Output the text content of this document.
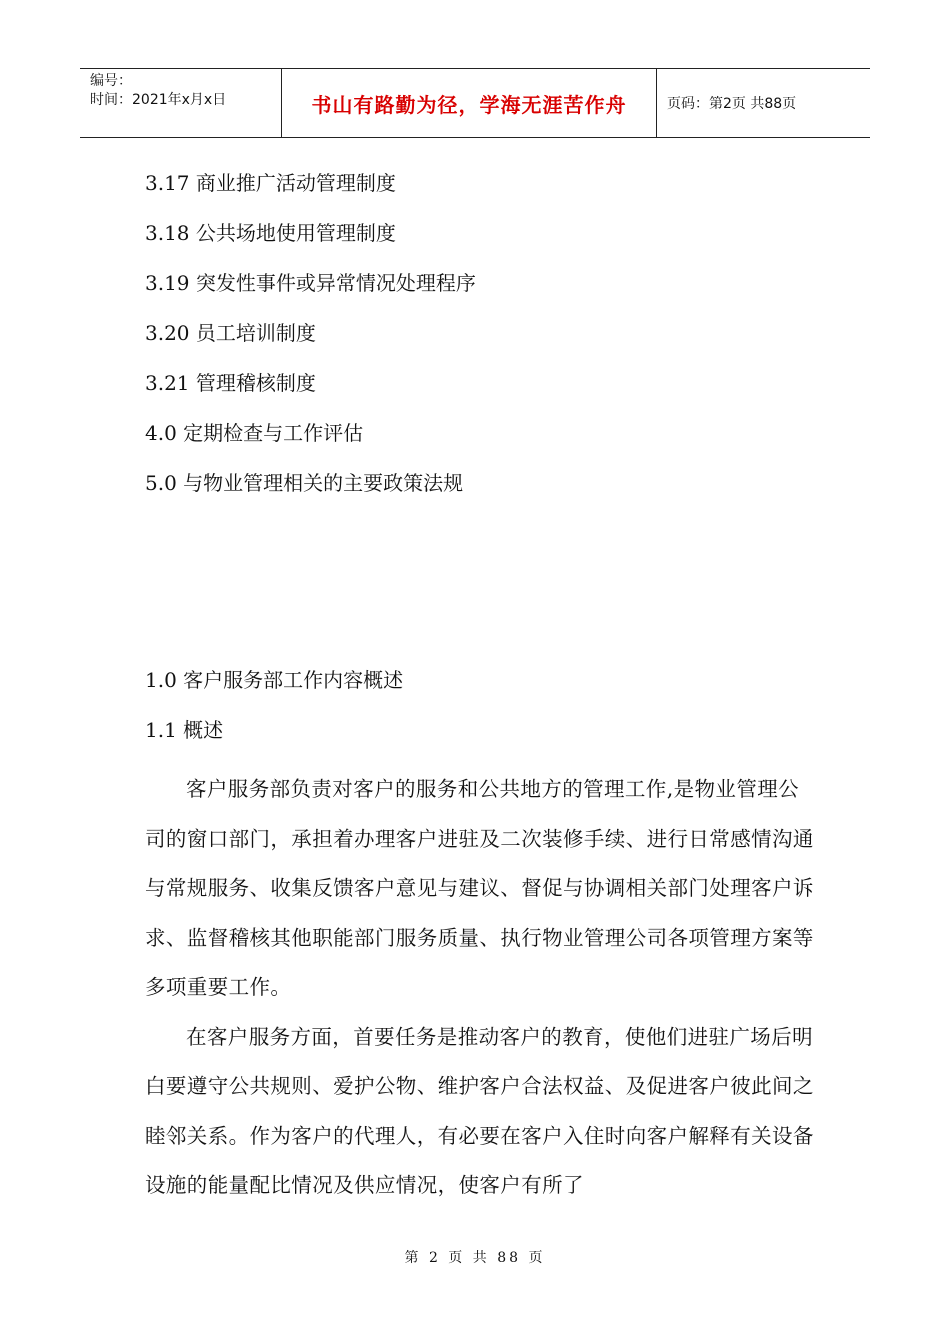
编号：
时间：2021年x月x日	书山有路勤为径，学海无涯苦作舟	页码：第2页 共88页
3.17 商业推广活动管理制度
3.18 公共场地使用管理制度
3.19 突发性事件或异常情况处理程序
3.20 员工培训制度
3.21 管理稽核制度
4.0 定期检查与工作评估
5.0 与物业管理相关的主要政策法规
1.0 客户服务部工作内容概述
1.1 概述

客户服务部负责对客户的服务和公共地方的管理工作,是物业管理公司的窗口部门，承担着办理客户进驻及二次装修手续、进行日常感情沟通与常规服务、收集反馈客户意见与建议、督促与协调相关部门处理客户诉求、监督稽核其他职能部门服务质量、执行物业管理公司各项管理方案等多项重要工作。

在客户服务方面，首要任务是推动客户的教育，使他们进驻广场后明白要遵守公共规则、爱护公物、维护客户合法权益、及促进客户彼此间之睦邻关系。作为客户的代理人，有必要在客户入住时向客户解释有关设备设施的能量配比情况及供应情况，使客户有所了

第 2 页 共 88 页
